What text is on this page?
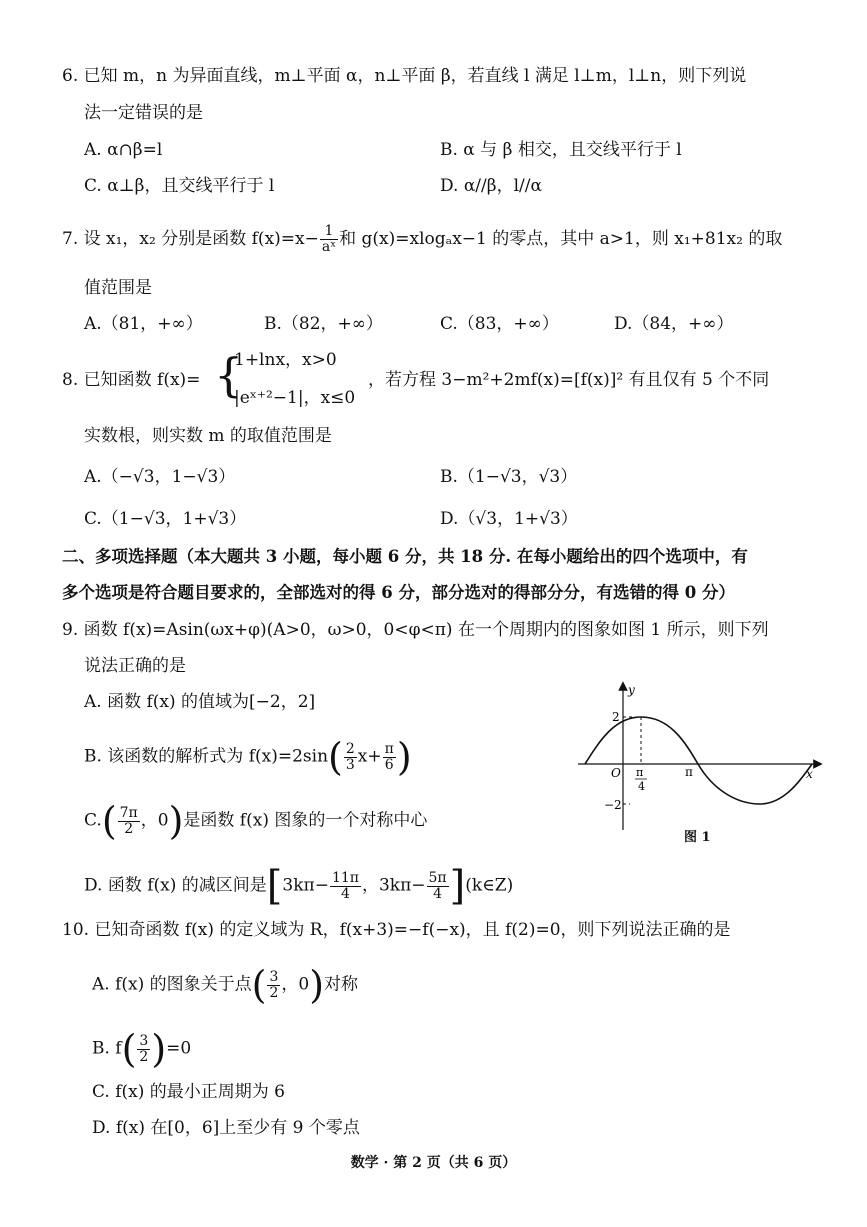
6. 已知 m，n 为异面直线，m⊥平面 α，n⊥平面 β，若直线 l 满足 l⊥m，l⊥n，则下列说
法一定错误的是
A. α∩β=l	B. α 与 β 相交，且交线平行于 l
C. α⊥β，且交线平行于 l	D. α//β，l//α
7. 设 x₁，x₂ 分别是函数 $f(x)=x- \frac{1}{\text{aˣ}}$ 和 g(x)=xlogₐx−1 的零点，其中 a>1，则 x₁+81x₂ 的取
值范围是
A.（81，+∞）	B.（82，+∞）	C.（83，+∞）	D.（84，+∞）
8. 已知函数 f(x)= {
1+lnx，x>0
|eˣ⁺²−1|，x≤0
，若方程 3−m²+2mf(x)=[f(x)]² 有且仅有 5 个不同
实数根，则实数 m 的取值范围是
A.（−√3，1−√3）	B.（1−√3，√3）
C.（1−√3，1+√3）	D.（√3，1+√3）
二、多项选择题（本大题共 3 小题，每小题 6 分，共 18 分. 在每小题给出的四个选项中，有
多个选项是符合题目要求的，全部选对的得 6 分，部分选对的得部分分，有选错的得 0 分）
9. 函数 f(x)=Asin(ωx+φ)(A>0，ω>0，0<φ<π) 在一个周期内的图象如图 1 所示，则下列
说法正确的是
A. 函数 f(x) 的值域为[−2，2]
B. 该函数的解析式为 $f(x)=2\sin( \frac{2}{3} x+ \frac{\pi}{6}$ )
$C.( \frac{7\pi}{2}$ ，0)是函数 f(x) 图象的一个对称中心
D. 函数 f(x) 的减区间是[$3k\pi- \frac{11\pi}{4}$ ，$3k\pi- \frac{5\pi}{4}$ ](k∈Z)
y
x
2
−2
O π
4
π
图 1
10. 已知奇函数 f(x) 的定义域为 R，f(x+3)=−f(−x)，且 f(2)=0，则下列说法正确的是
A. f(x) 的图象关于点( $\frac{3}{2}$ ，0)对称
B. $f( \frac{3}{2} )=0$
C. f(x) 的最小正周期为 6
D. f(x) 在[0，6]上至少有 9 个零点
数学 · 第 2 页（共 6 页）
